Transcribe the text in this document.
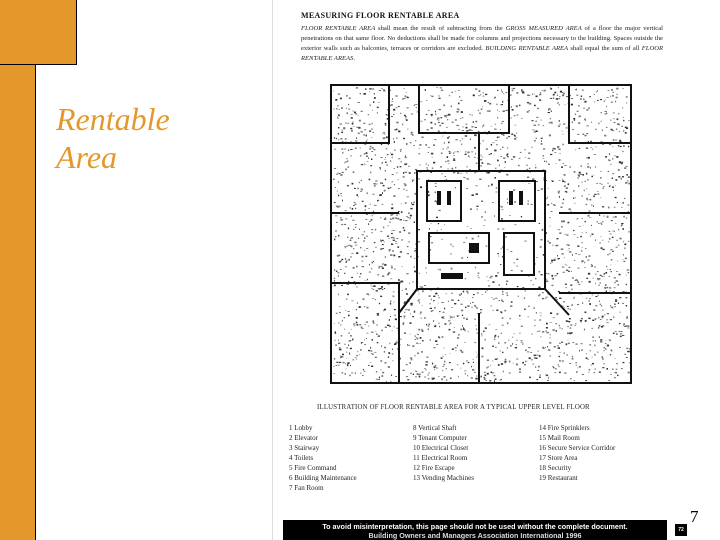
Rentable
Area
MEASURING FLOOR RENTABLE AREA
FLOOR RENTABLE AREA shall mean the result of subtracting from the GROSS MEASURED AREA of a floor the major vertical penetrations on that same floor. No deductions shall be made for columns and projections necessary to the building. Spaces outside the exterior walls such as balconies, terraces or corridors are excluded. BUILDING RENTABLE AREA shall equal the sum of all FLOOR RENTABLE AREAS.
ILLUSTRATION OF FLOOR RENTABLE AREA FOR A TYPICAL UPPER LEVEL FLOOR
1 Lobby
2 Elevator
3 Stairway
4 Toilets
5 Fire Command
6 Building Maintenance
7 Fan Room
8 Vertical Shaft
9 Tenant Computer
10 Electrical Closet
11 Electrical Room
12 Fire Escape
13 Vending Machines
14 Fire Sprinklers
15 Mail Room
16 Secure Service Corridor
17 Store Area
18 Security
19 Restaurant
To avoid misinterpretation, this page should not be used without the complete document.
Building Owners and Managers Association International 1996
72
7
